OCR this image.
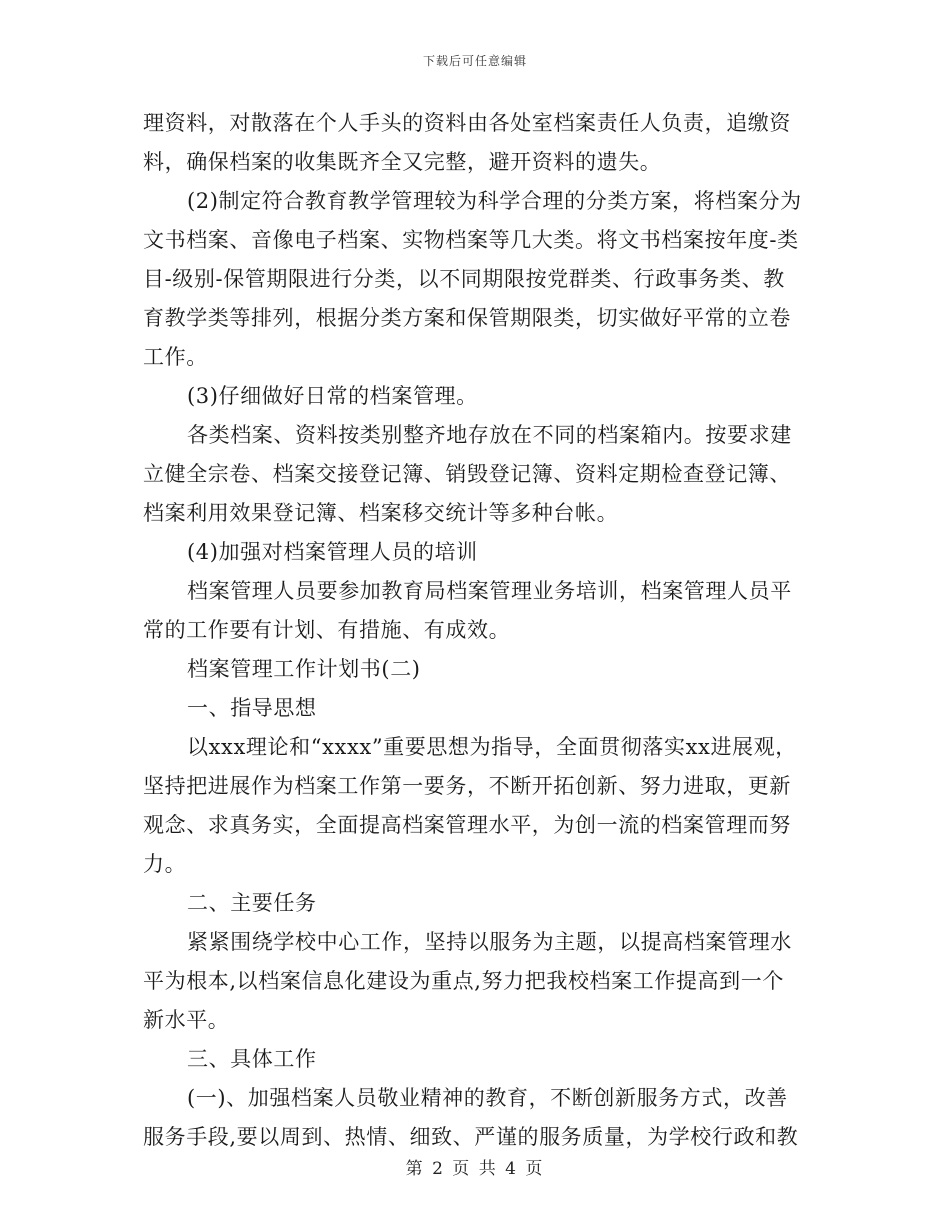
下载后可任意编辑
理资料，对散落在个人手头的资料由各处室档案责任人负责，追缴资
料，确保档案的收集既齐全又完整，避开资料的遗失。
(2)制定符合教育教学管理较为科学合理的分类方案，将档案分为
文书档案、音像电子档案、实物档案等几大类。将文书档案按年度-类
目-级别-保管期限进行分类，以不同期限按党群类、行政事务类、教
育教学类等排列，根据分类方案和保管期限类，切实做好平常的立卷
工作。
(3)仔细做好日常的档案管理。
各类档案、资料按类别整齐地存放在不同的档案箱内。按要求建
立健全宗卷、档案交接登记簿、销毁登记簿、资料定期检查登记簿、
档案利用效果登记簿、档案移交统计等多种台帐。
(4)加强对档案管理人员的培训
档案管理人员要参加教育局档案管理业务培训，档案管理人员平
常的工作要有计划、有措施、有成效。
档案管理工作计划书(二)
一、指导思想
以xxx理论和“xxxx”重要思想为指导，全面贯彻落实xx进展观，
坚持把进展作为档案工作第一要务，不断开拓创新、努力进取，更新
观念、求真务实，全面提高档案管理水平，为创一流的档案管理而努
力。
二、主要任务
紧紧围绕学校中心工作，坚持以服务为主题，以提高档案管理水
平为根本,以档案信息化建设为重点,努力把我校档案工作提高到一个
新水平。
三、具体工作
(一)、加强档案人员敬业精神的教育，不断创新服务方式，改善
服务手段,要以周到、热情、细致、严谨的服务质量，为学校行政和教
第 2 页 共 4 页
